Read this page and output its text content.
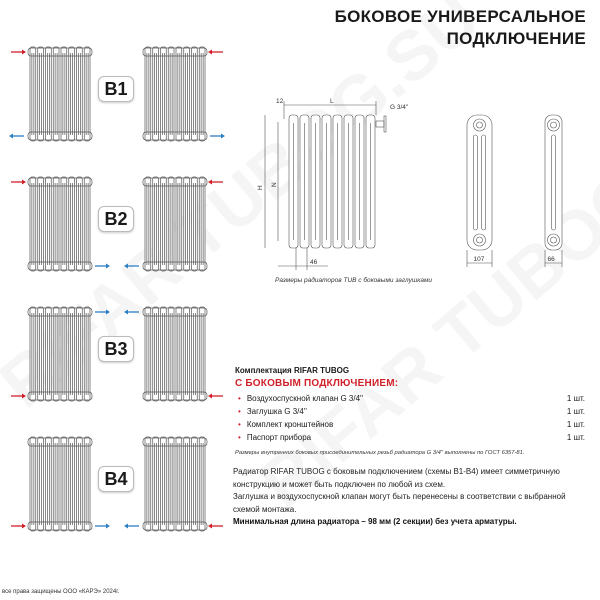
БОКОВОЕ УНИВЕРСАЛЬНОЕ
ПОДКЛЮЧЕНИЕ
B1
B2
B3
B4
12	L
H
N
46
G 3/4''
107	66
Размеры радиаторов TUB с боковыми заглушками
Комплектация RIFAR TUBOG
С БОКОВЫМ ПОДКЛЮЧЕНИЕМ:
• Воздухоспускной клапан G 3/4''	1 шт.
• Заглушка G 3/4''	1 шт.
• Комплект кронштейнов	1 шт.
• Паспорт прибора	1 шт.
Размеры внутренних боковых присоединительных резьб радиатора G 3/4'' выполнены по ГОСТ 6357-81.
Радиатор RIFAR TUBOG с боковым подключением (схемы B1-B4) имеет симметричную конструкцию и может быть подключен по любой из схем.
Заглушка и воздухоспускной клапан могут быть перенесены в соответствии с выбранной схемой монтажа.
Минимальная длина радиатора – 98 мм (2 секции) без учета арматуры.
все права защищены ООО «КАРЭ» 2024г.
